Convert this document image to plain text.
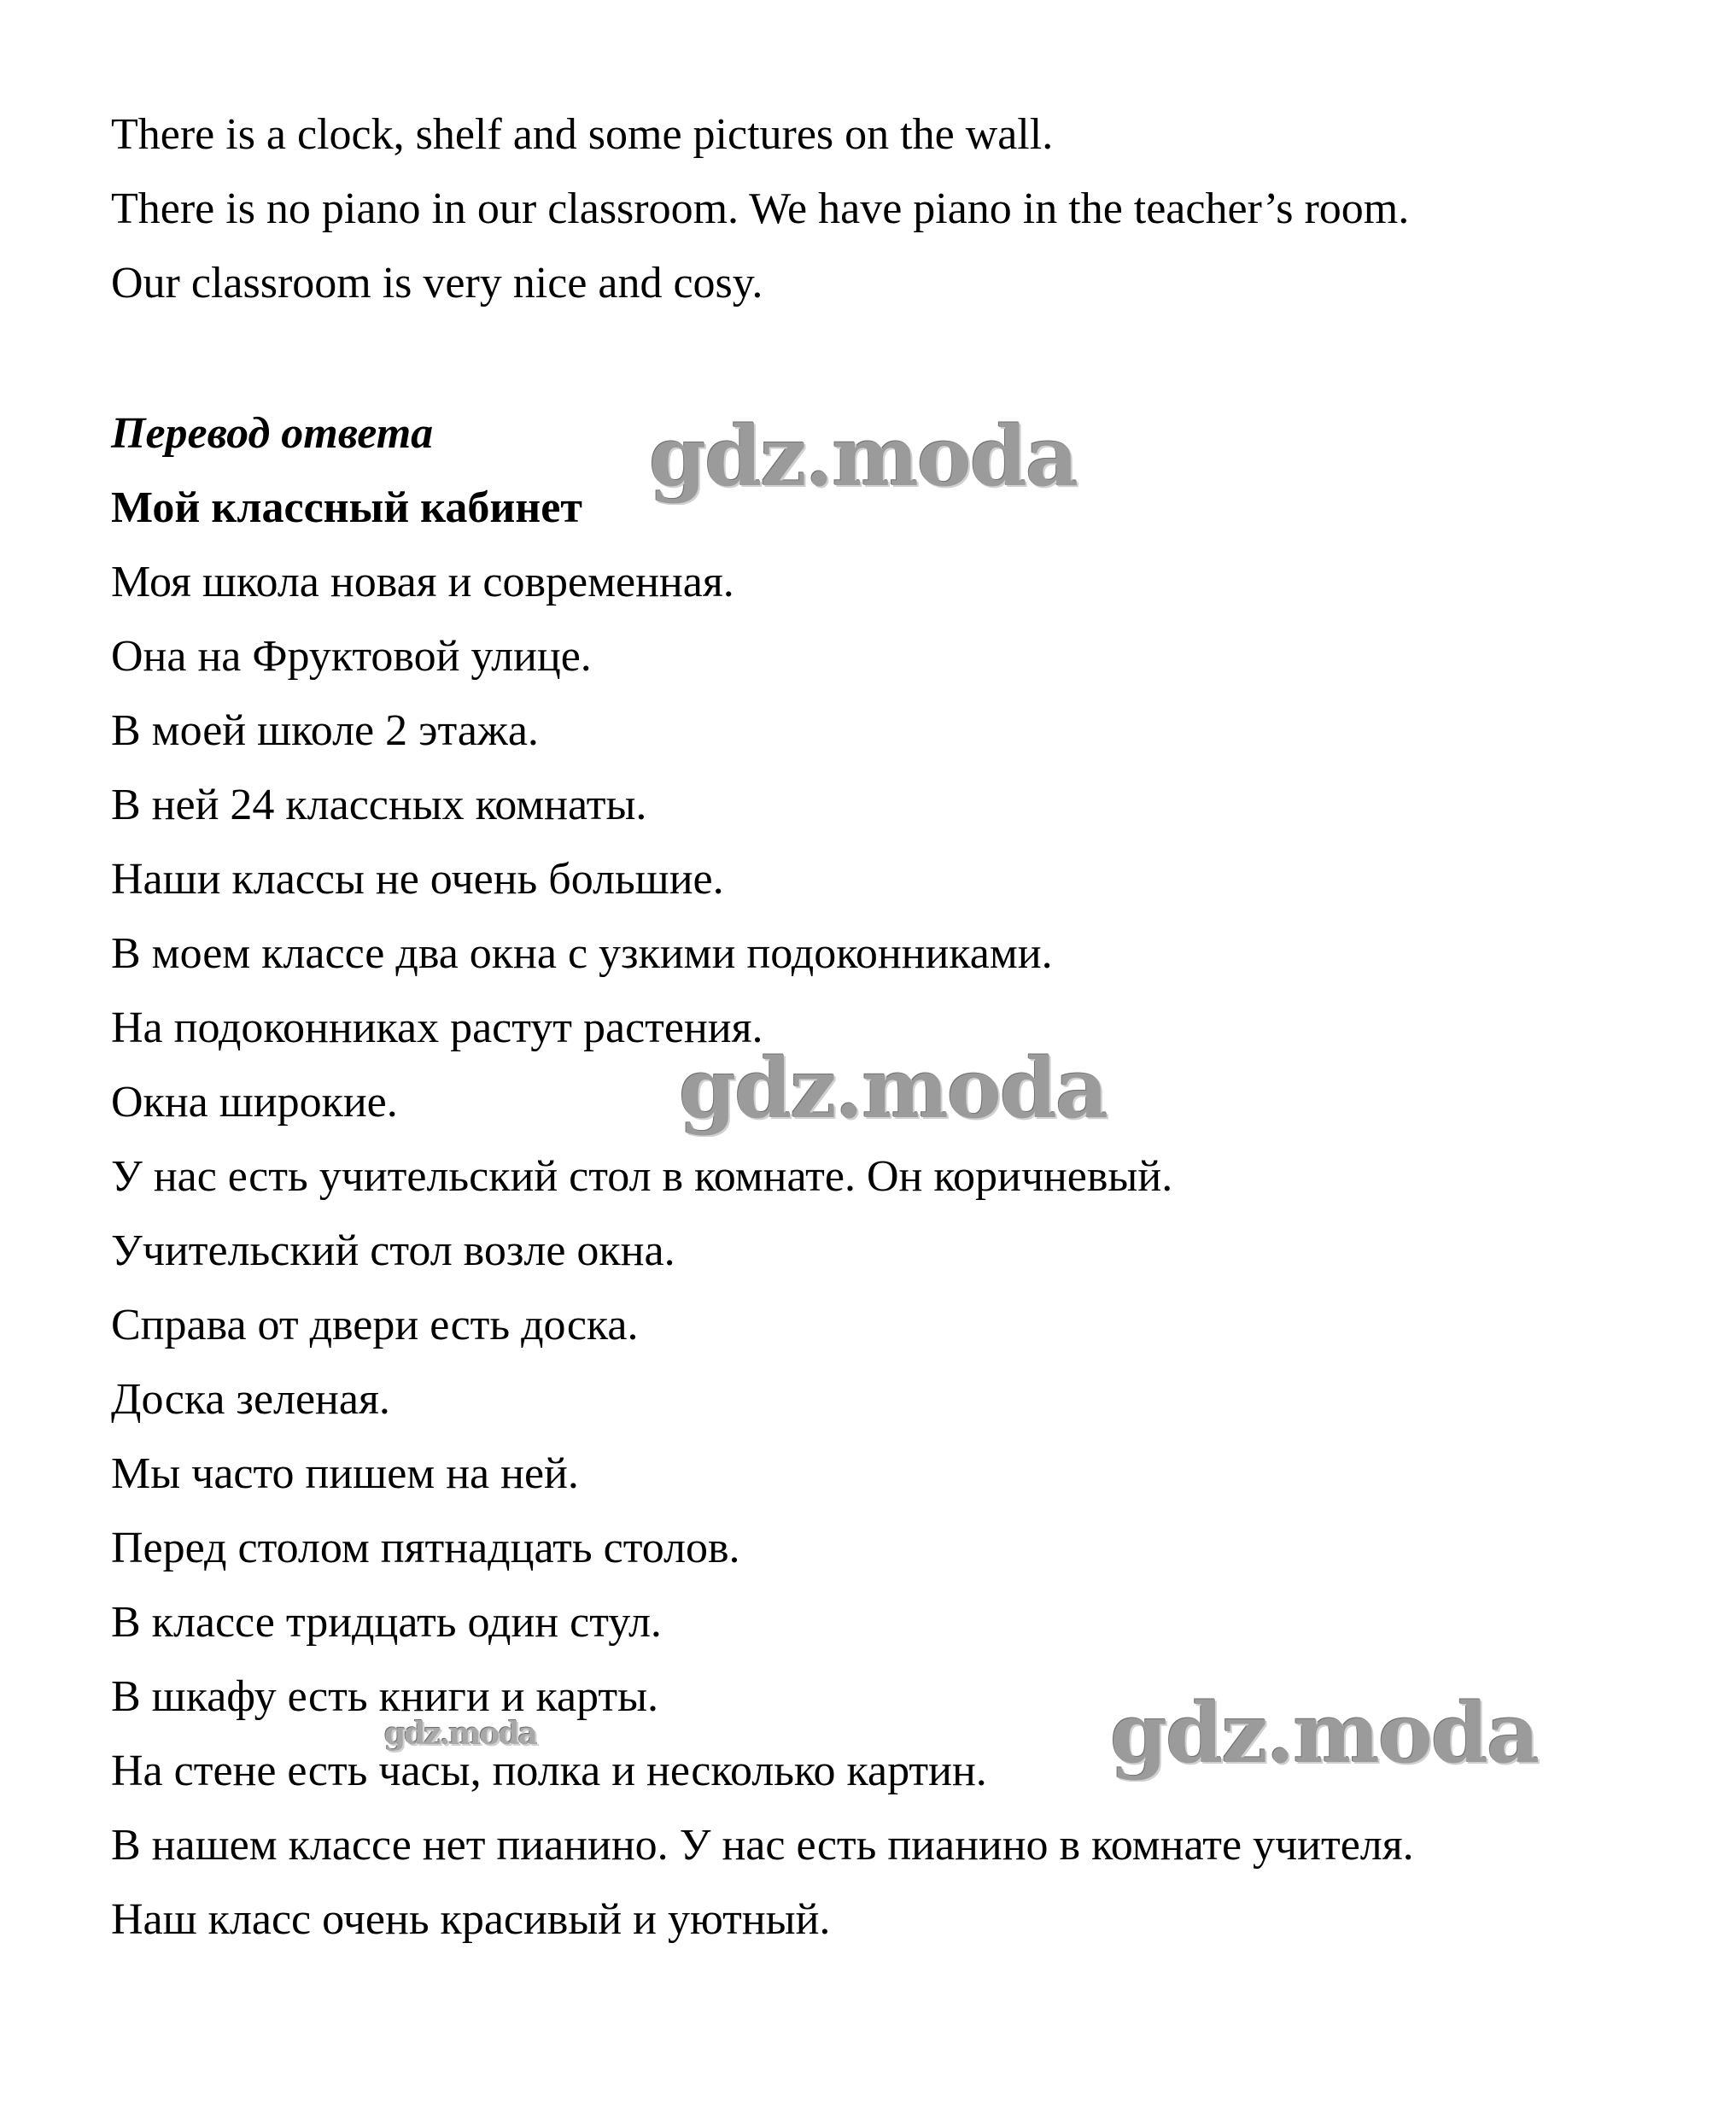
There is a clock, shelf and some pictures on the wall.

There is no piano in our classroom. We have piano in the teacher’s room.

Our classroom is very nice and cosy.

Перевод ответа

Мой классный кабинет

Моя школа новая и современная.

Она на Фруктовой улице.

В моей школе 2 этажа.

В ней 24 классных комнаты.

Наши классы не очень большие.

В моем классе два окна с узкими подоконниками.

На подоконниках растут растения.

Окна широкие.

У нас есть учительский стол в комнате. Он коричневый.

Учительский стол возле окна.

Справа от двери есть доска.

Доска зеленая.

Мы часто пишем на ней.

Перед столом пятнадцать столов.

В классе тридцать один стул.

В шкафу есть книги и карты.

На стене есть часы, полка и несколько картин.

В нашем классе нет пианино. У нас есть пианино в комнате учителя.

Наш класс очень красивый и уютный.

gdz.moda
gdz.moda
gdz.moda
gdz.moda
